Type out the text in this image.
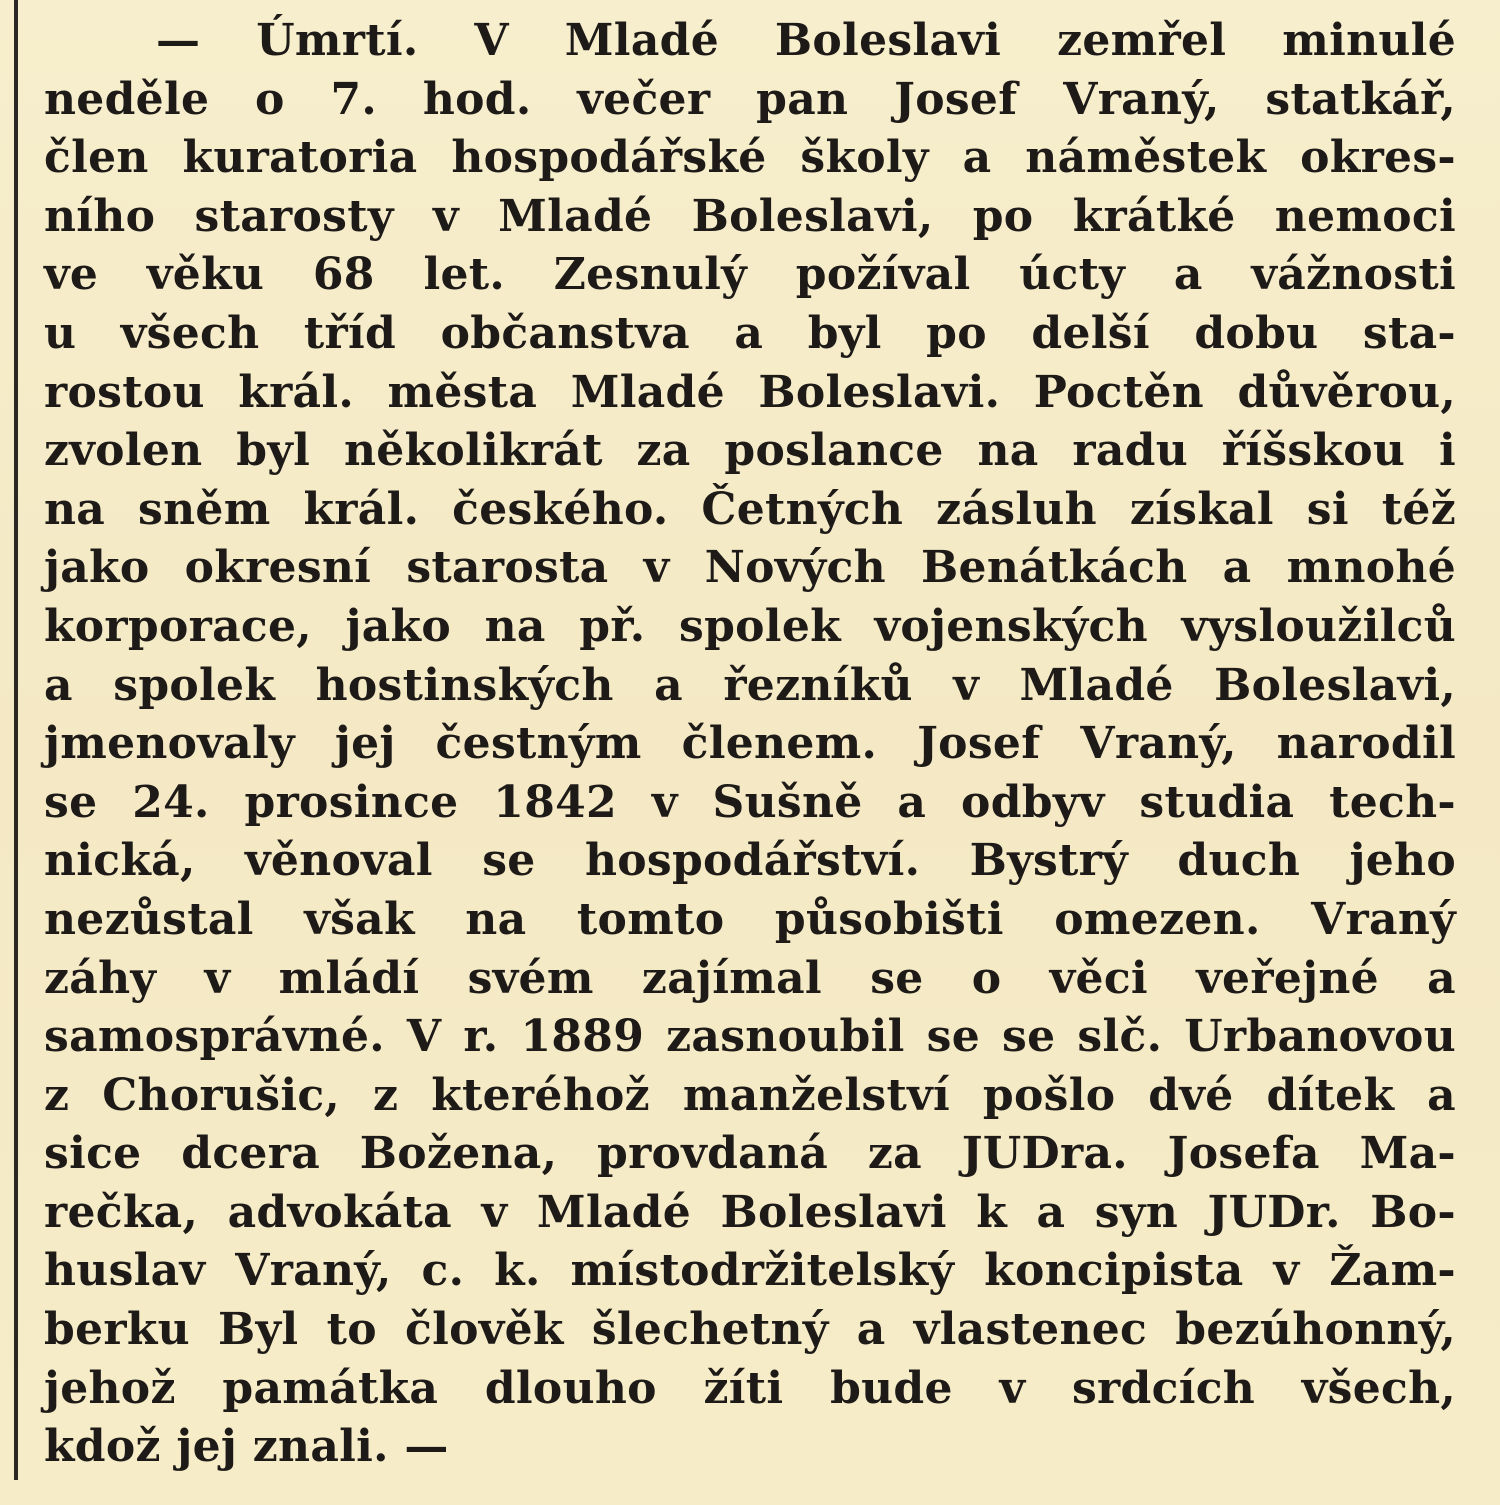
— Úmrtí. V Mladé Boleslavi zemřel minulé
neděle o 7. hod. večer pan Josef Vraný, statkář,
člen kuratoria hospodářské školy a náměstek okres-
ního starosty v Mladé Boleslavi, po krátké nemoci
ve věku 68 let. Zesnulý požíval úcty a vážnosti
u všech tříd občanstva a byl po delší dobu sta-
rostou král. města Mladé Boleslavi. Poctěn důvěrou,
zvolen byl několikrát za poslance na radu říšskou i
na sněm král. českého. Četných zásluh získal si též
jako okresní starosta v Nových Benátkách a mnohé
korporace, jako na př. spolek vojenských vysloužilců
a spolek hostinských a řezníků v Mladé Boleslavi,
jmenovaly jej čestným členem. Josef Vraný, narodil
se 24. prosince 1842 v Sušně a odbyv studia tech-
nická, věnoval se hospodářství. Bystrý duch jeho
nezůstal však na tomto působišti omezen. Vraný
záhy v mládí svém zajímal se o věci veřejné a
samosprávné. V r. 1889 zasnoubil se se slč. Urbanovou
z Chorušic, z kteréhož manželství pošlo dvé dítek a
sice dcera Božena, provdaná za JUDra. Josefa Ma-
rečka, advokáta v Mladé Boleslavi k a syn JUDr. Bo-
huslav Vraný, c. k. místodržitelský koncipista v Žam-
berku Byl to člověk šlechetný a vlastenec bezúhonný,
jehož památka dlouho žíti bude v srdcích všech,
kdož jej znali. —
